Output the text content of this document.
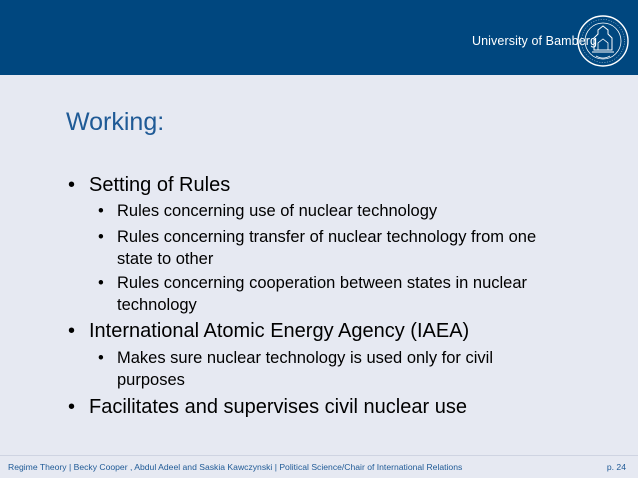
University of Bamberg
Working:
• Setting of Rules
• Rules concerning use of nuclear technology
• Rules concerning transfer of nuclear technology from one state to other
• Rules concerning cooperation between states in nuclear technology
• International Atomic Energy Agency (IAEA)
• Makes sure nuclear technology is used only for civil purposes
• Facilitates and supervises civil nuclear use
Regime Theory | Becky Cooper , Abdul Adeel and Saskia Kawczynski | Political Science/Chair of International Relations	p. 24
